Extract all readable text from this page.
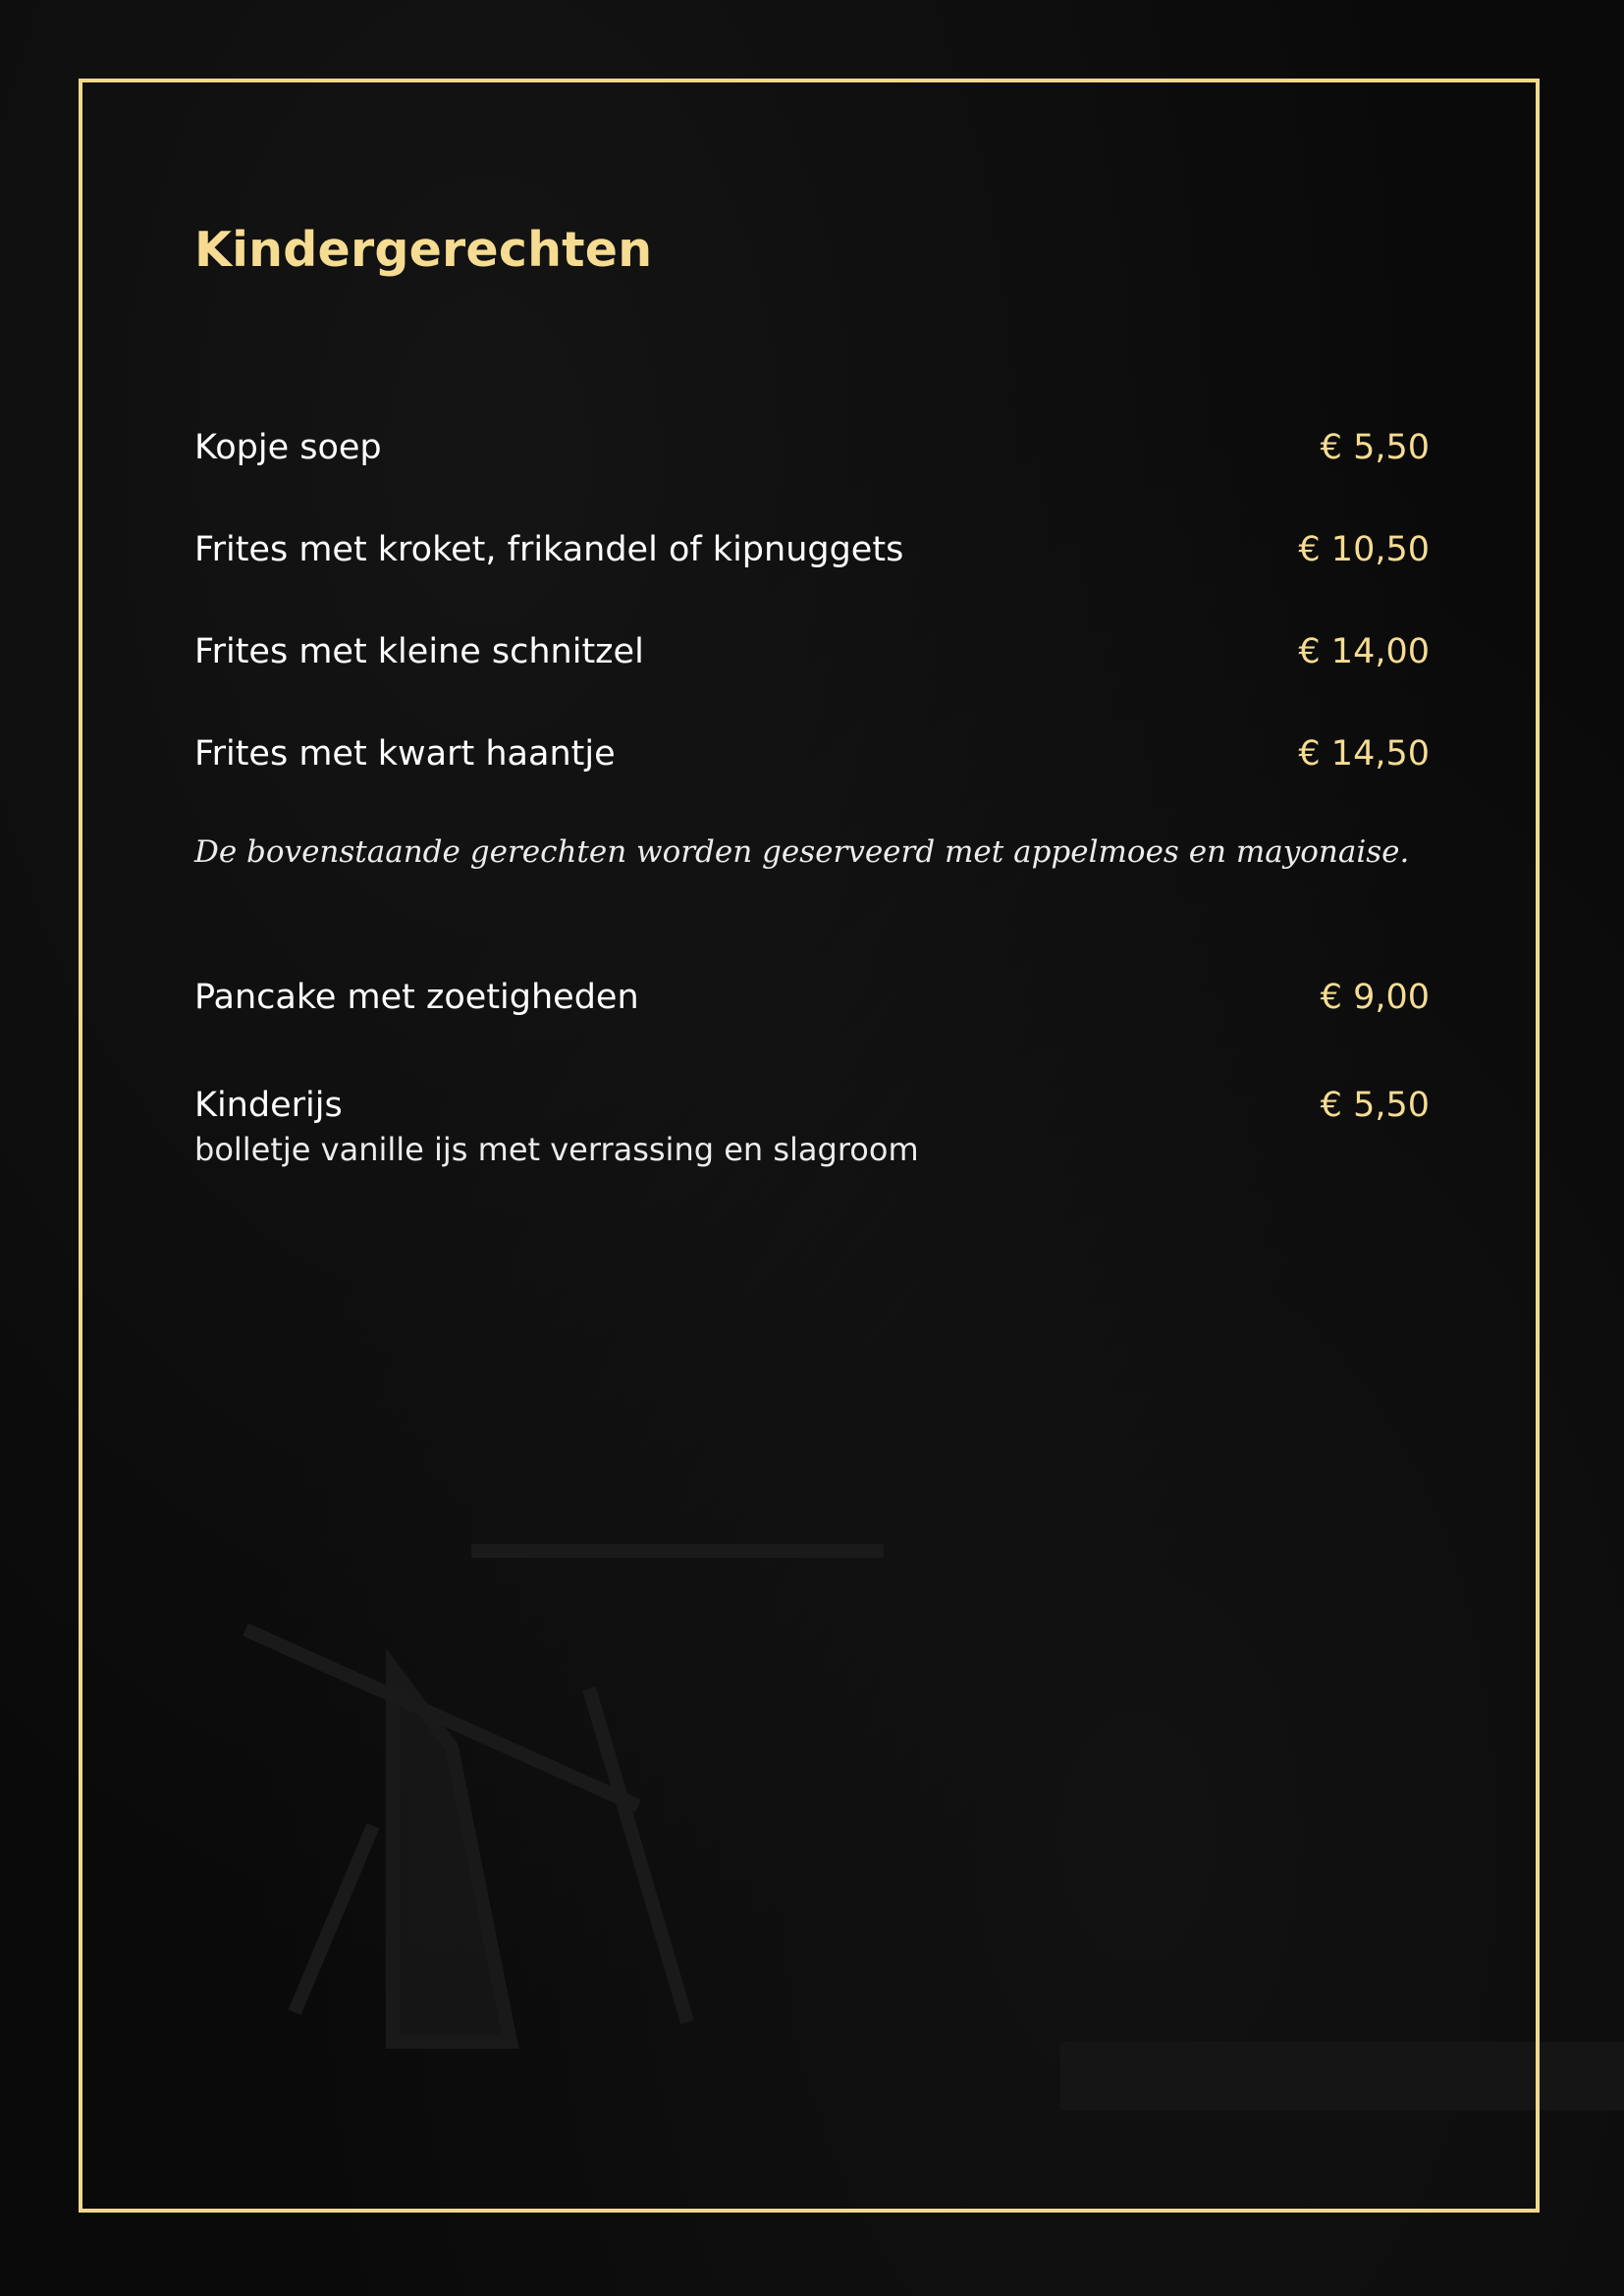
Kindergerechten
Kopje soep	€ 5,50
Frites met kroket, frikandel of kipnuggets	€ 10,50
Frites met kleine schnitzel	€ 14,00
Frites met kwart haantje	€ 14,50
De bovenstaande gerechten worden geserveerd met appelmoes en mayonaise.
Pancake met zoetigheden	€ 9,00
Kinderijs	€ 5,50
bolletje vanille ijs met verrassing en slagroom
